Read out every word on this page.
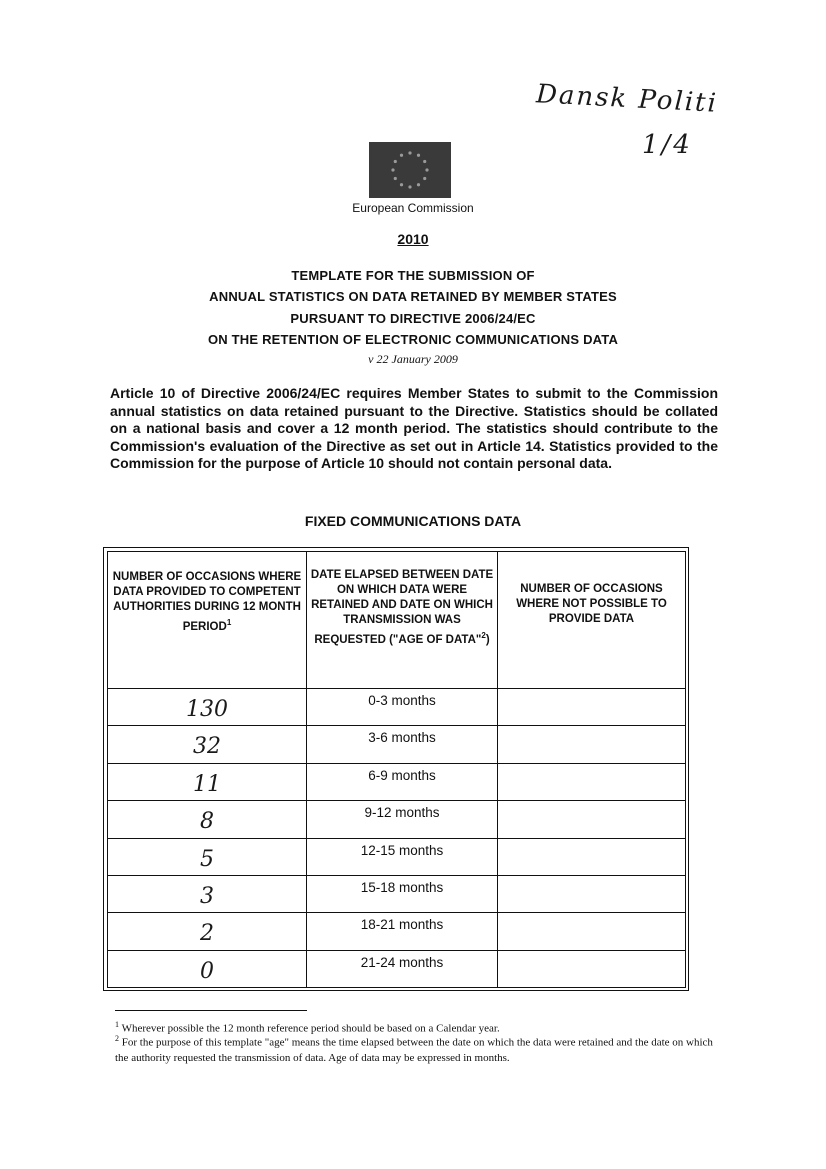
Dansk Politi
1/4
European Commission
2010
TEMPLATE FOR THE SUBMISSION OF
ANNUAL STATISTICS ON DATA RETAINED BY MEMBER STATES
PURSUANT TO DIRECTIVE 2006/24/EC
ON THE RETENTION OF ELECTRONIC COMMUNICATIONS DATA
v 22 January 2009
Article 10 of Directive 2006/24/EC requires Member States to submit to the Commission annual statistics on data retained pursuant to the Directive. Statistics should be collated on a national basis and cover a 12 month period. The statistics should contribute to the Commission's evaluation of the Directive as set out in Article 14. Statistics provided to the Commission for the purpose of Article 10 should not contain personal data.
FIXED COMMUNICATIONS DATA
NUMBER OF OCCASIONS WHERE DATA PROVIDED TO COMPETENT AUTHORITIES DURING 12 MONTH PERIOD$^1$	DATE ELAPSED BETWEEN DATE ON WHICH DATA WERE RETAINED AND DATE ON WHICH TRANSMISSION WAS REQUESTED ("AGE OF DATA"$^2$)	NUMBER OF OCCASIONS WHERE NOT POSSIBLE TO PROVIDE DATA
130	0-3 months	
32	3-6 months	
11	6-9 months	
8	9-12 months	
5	12-15 months	
3	15-18 months	
2	18-21 months	
0	21-24 months	
$^1$ Wherever possible the 12 month reference period should be based on a Calendar year.
$^2$ For the purpose of this template "age" means the time elapsed between the date on which the data were retained and the date on which the authority requested the transmission of data. Age of data may be expressed in months.
